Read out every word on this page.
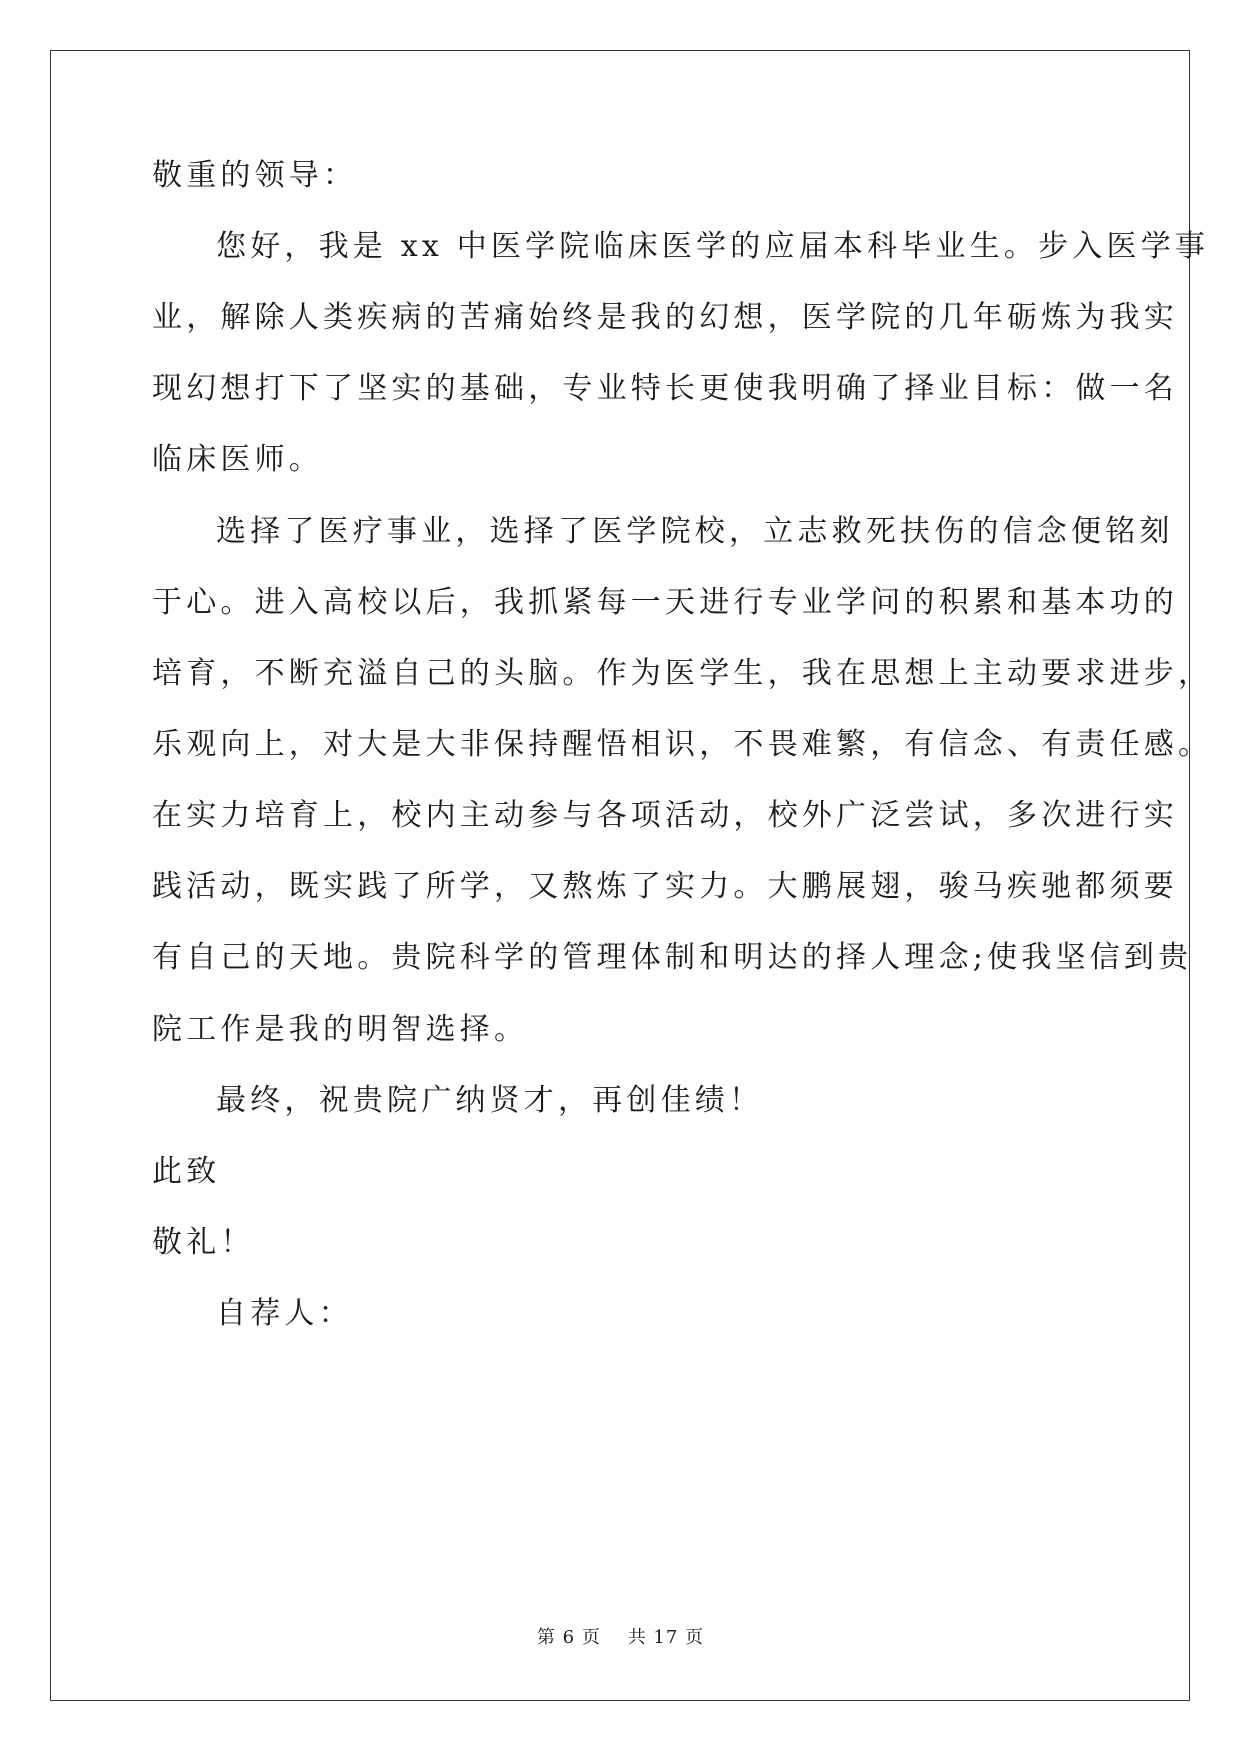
敬重的领导：
您好，我是 xx 中医学院临床医学的应届本科毕业生。步入医学事
业，解除人类疾病的苦痛始终是我的幻想，医学院的几年砺炼为我实
现幻想打下了坚实的基础，专业特长更使我明确了择业目标：做一名
临床医师。
选择了医疗事业，选择了医学院校，立志救死扶伤的信念便铭刻
于心。进入高校以后，我抓紧每一天进行专业学问的积累和基本功的
培育，不断充溢自己的头脑。作为医学生，我在思想上主动要求进步，
乐观向上，对大是大非保持醒悟相识，不畏难繁，有信念、有责任感。
在实力培育上，校内主动参与各项活动，校外广泛尝试，多次进行实
践活动，既实践了所学，又熬炼了实力。大鹏展翅，骏马疾驰都须要
有自己的天地。贵院科学的管理体制和明达的择人理念;使我坚信到贵
院工作是我的明智选择。
最终，祝贵院广纳贤才，再创佳绩！
此致
敬礼！
自荐人：
第 6 页    共 17 页
